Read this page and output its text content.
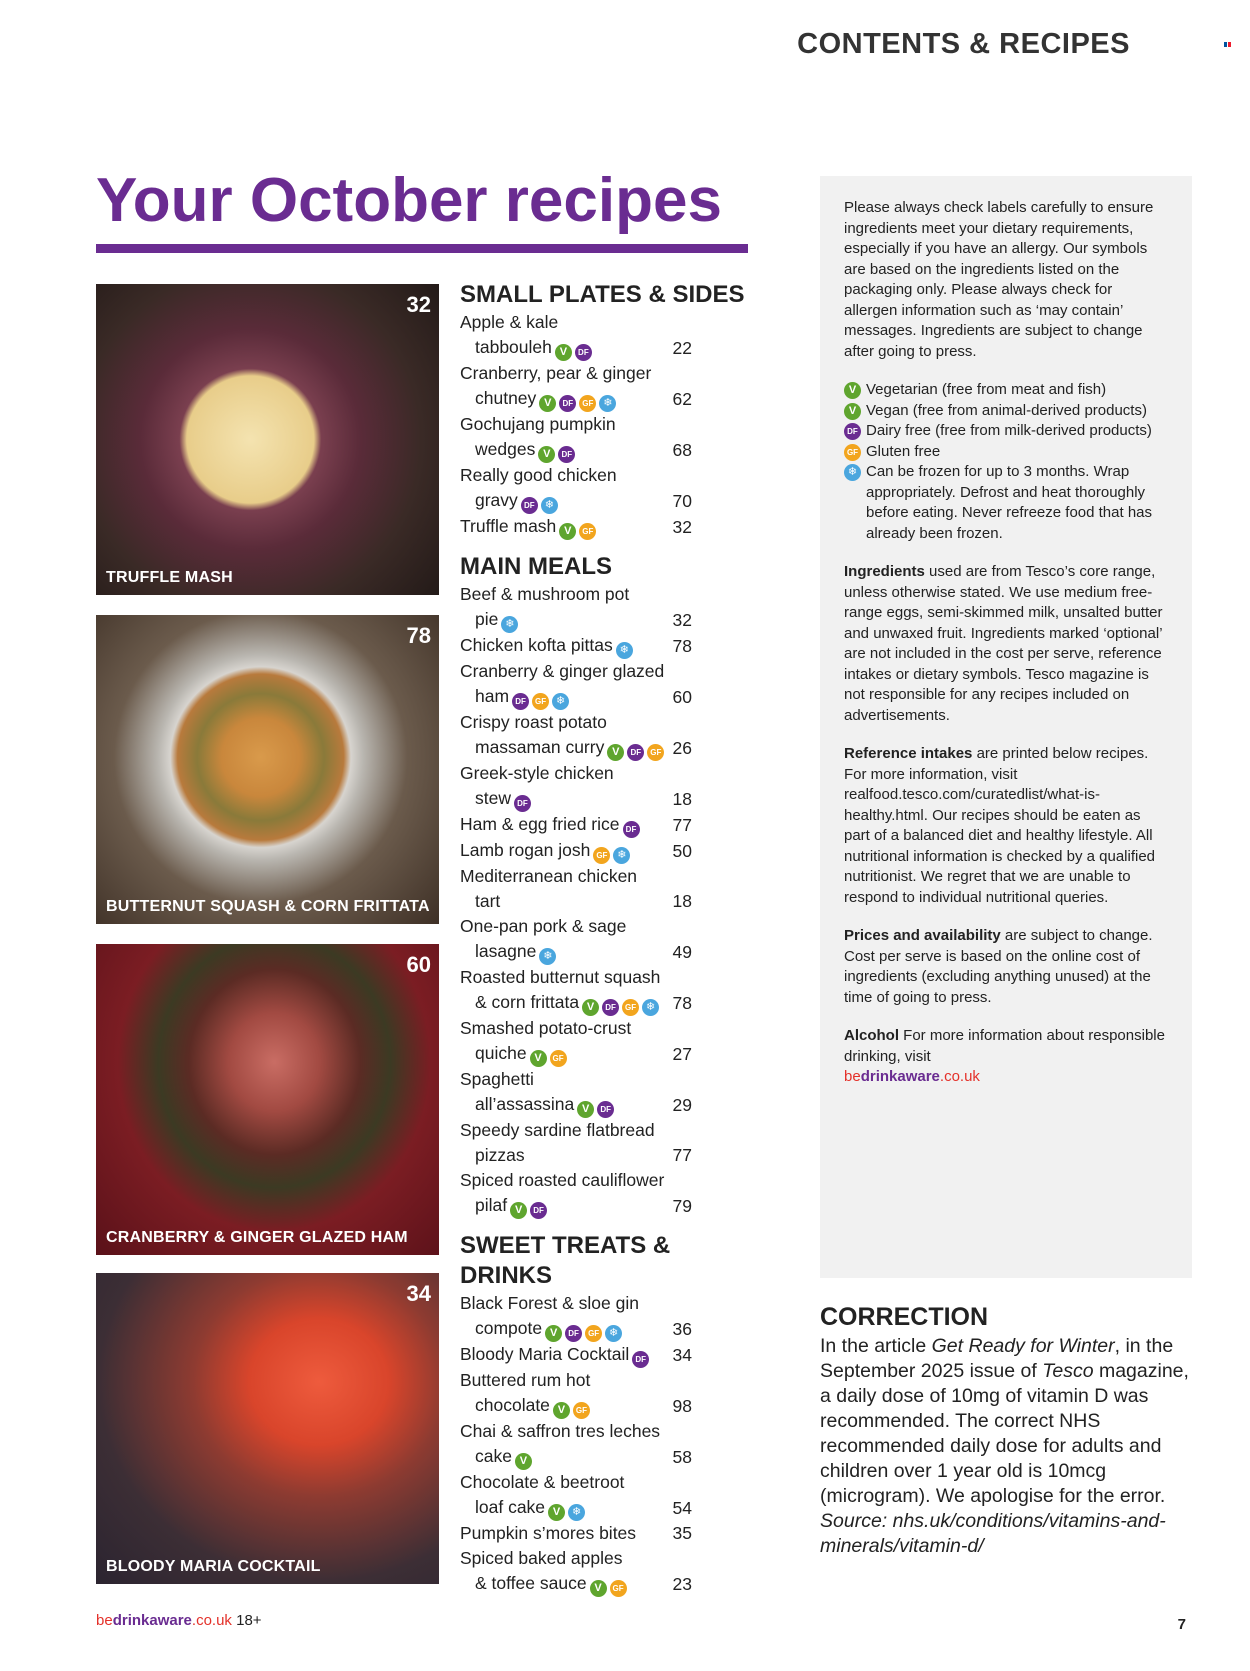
CONTENTS & RECIPES
Your October recipes
32
TRUFFLE MASH
78
BUTTERNUT SQUASH & CORN FRITTATA
60
CRANBERRY & GINGER GLAZED HAM
34
BLOODY MARIA COCKTAIL
SMALL PLATES & SIDES
Apple & kale
tabbouleh V DF	22
Cranberry, pear & ginger
chutney V DF GF ❄	62
Gochujang pumpkin
wedges V DF	68
Really good chicken
gravy DF ❄	70
Truffle mash V GF	32
MAIN MEALS
Beef & mushroom pot
pie ❄	32
Chicken kofta pittas ❄	78
Cranberry & ginger glazed
ham DF GF ❄	60
Crispy roast potato
massaman curry V DF GF 26
Greek-style chicken
stew DF	18
Ham & egg fried rice DF	77
Lamb rogan josh GF ❄	50
Mediterranean chicken
tart	18
One-pan pork & sage
lasagne ❄	49
Roasted butternut squash
& corn frittata V DF GF ❄ 78
Smashed potato-crust
quiche V GF	27
Spaghetti
all’assassina V DF	29
Speedy sardine flatbread
pizzas	77
Spiced roasted cauliflower
pilaf V DF	79
SWEET TREATS & DRINKS
Black Forest & sloe gin
compote V DF GF ❄	36
Bloody Maria Cocktail DF	34
Buttered rum hot
chocolate V GF	98
Chai & saffron tres leches
cake V	58
Chocolate & beetroot
loaf cake V ❄	54
Pumpkin s’mores bites	35
Spiced baked apples
& toffee sauce V GF	23

Please always check labels carefully to ensure ingredients meet your dietary requirements, especially if you have an allergy. Our symbols are based on the ingredients listed on the packaging only. Please always check for allergen information such as ‘may contain’ messages. Ingredients are subject to change after going to press.

V Vegetarian (free from meat and fish)
V Vegan (free from animal-derived products)
DF Dairy free (free from milk-derived products)
GF Gluten free
❄ Can be frozen for up to 3 months. Wrap appropriately. Defrost and heat thoroughly before eating. Never refreeze food that has already been frozen.

Ingredients used are from Tesco’s core range, unless otherwise stated. We use medium free-range eggs, semi-skimmed milk, unsalted butter and unwaxed fruit. Ingredients marked ‘optional’ are not included in the cost per serve, reference intakes or dietary symbols. Tesco magazine is not responsible for any recipes included on advertisements.

Reference intakes are printed below recipes. For more information, visit realfood.tesco.com/curatedlist/what-is-healthy.html. Our recipes should be eaten as part of a balanced diet and healthy lifestyle. All nutritional information is checked by a qualified nutritionist. We regret that we are unable to respond to individual nutritional queries.

Prices and availability are subject to change. Cost per serve is based on the online cost of ingredients (excluding anything unused) at the time of going to press.

Alcohol For more information about responsible drinking, visit
bedrinkaware.co.uk

CORRECTION

In the article Get Ready for Winter, in the September 2025 issue of Tesco magazine, a daily dose of 10mg of vitamin D was recommended. The correct NHS recommended daily dose for adults and children over 1 year old is 10mcg (microgram). We apologise for the error. Source: nhs.uk/conditions/vitamins-and-minerals/vitamin-d/

bedrinkaware.co.uk 18+	7
